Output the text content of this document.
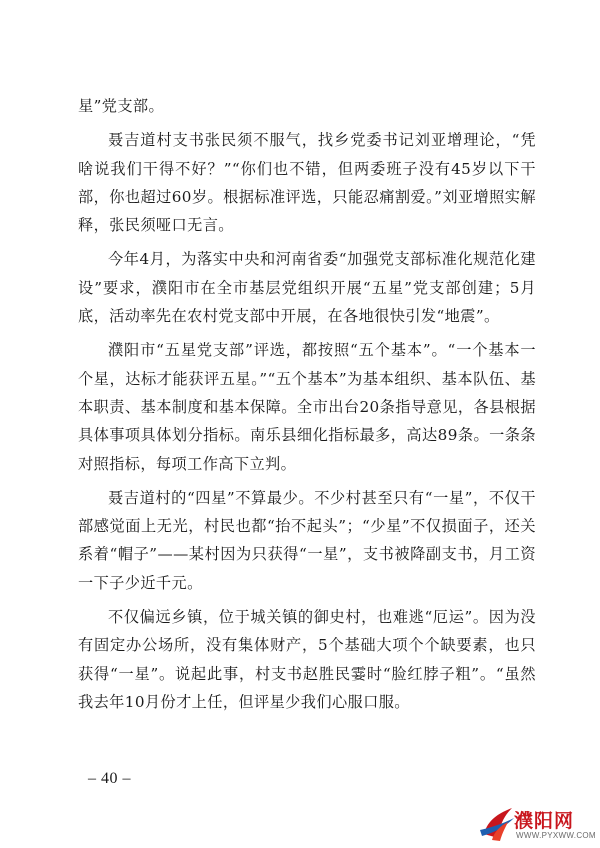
星”党支部。

聂吉道村支书张民须不服气，找乡党委书记刘亚增理论，“凭啥说我们干得不好？”“你们也不错，但两委班子没有45岁以下干部，你也超过60岁。根据标准评选，只能忍痛割爱。”刘亚增照实解释，张民须哑口无言。

今年4月，为落实中央和河南省委“加强党支部标准化规范化建设”要求，濮阳市在全市基层党组织开展“五星”党支部创建；5月底，活动率先在农村党支部中开展，在各地很快引发“地震”。

濮阳市“五星党支部”评选，都按照“五个基本”。“一个基本一个星，达标才能获评五星。”“五个基本”为基本组织、基本队伍、基本职责、基本制度和基本保障。全市出台20条指导意见，各县根据具体事项具体划分指标。南乐县细化指标最多，高达89条。一条条对照指标，每项工作高下立判。

聂吉道村的“四星”不算最少。不少村甚至只有“一星”，不仅干部感觉面上无光，村民也都“抬不起头”；“少星”不仅损面子，还关系着“帽子”——某村因为只获得“一星”，支书被降副支书，月工资一下子少近千元。

不仅偏远乡镇，位于城关镇的御史村，也难逃“厄运”。因为没有固定办公场所，没有集体财产，5个基础大项个个缺要素，也只获得“一星”。说起此事，村支书赵胜民霎时“脸红脖子粗”。“虽然我去年10月份才上任，但评星少我们心服口服。

– 40 –
濮阳网
WWW.PYXWW.COM
